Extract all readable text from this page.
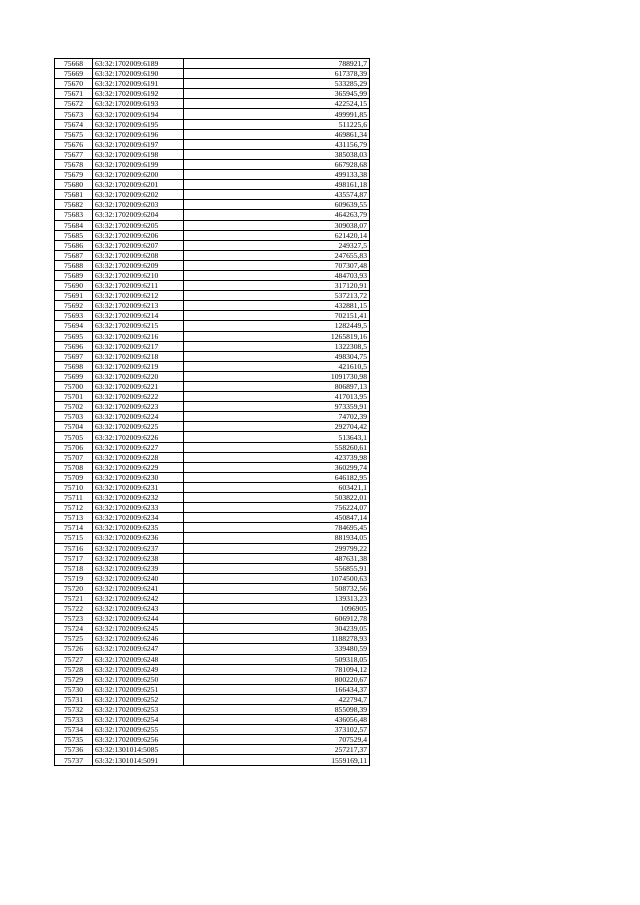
75668	63:32:1702009:6189	788921,7
75669	63:32:1702009:6190	617378,39
75670	63:32:1702009:6191	533285,29
75671	63:32:1702009:6192	365945,99
75672	63:32:1702009:6193	422524,15
75673	63:32:1702009:6194	499991,85
75674	63:32:1702009:6195	511225,6
75675	63:32:1702009:6196	469861,34
75676	63:32:1702009:6197	431156,79
75677	63:32:1702009:6198	385038,03
75678	63:32:1702009:6199	667928,68
75679	63:32:1702009:6200	499133,38
75680	63:32:1702009:6201	498161,18
75681	63:32:1702009:6202	435574,87
75682	63:32:1702009:6203	609639,55
75683	63:32:1702009:6204	464263,79
75684	63:32:1702009:6205	309038,07
75685	63:32:1702009:6206	621420,14
75686	63:32:1702009:6207	249327,5
75687	63:32:1702009:6208	247655,83
75688	63:32:1702009:6209	707307,48
75689	63:32:1702009:6210	484703,93
75690	63:32:1702009:6211	317120,91
75691	63:32:1702009:6212	537213,72
75692	63:32:1702009:6213	432881,15
75693	63:32:1702009:6214	702151,41
75694	63:32:1702009:6215	1282449,5
75695	63:32:1702009:6216	1265819,16
75696	63:32:1702009:6217	1322308,5
75697	63:32:1702009:6218	498304,75
75698	63:32:1702009:6219	421610,5
75699	63:32:1702009:6220	1091730,98
75700	63:32:1702009:6221	806897,13
75701	63:32:1702009:6222	417013,95
75702	63:32:1702009:6223	973359,91
75703	63:32:1702009:6224	74702,39
75704	63:32:1702009:6225	292704,42
75705	63:32:1702009:6226	513643,1
75706	63:32:1702009:6227	558260,61
75707	63:32:1702009:6228	423739,98
75708	63:32:1702009:6229	360299,74
75709	63:32:1702009:6230	646182,95
75710	63:32:1702009:6231	603421,1
75711	63:32:1702009:6232	503822,01
75712	63:32:1702009:6233	756224,07
75713	63:32:1702009:6234	450847,14
75714	63:32:1702009:6235	784695,45
75715	63:32:1702009:6236	881934,05
75716	63:32:1702009:6237	299799,22
75717	63:32:1702009:6238	487631,38
75718	63:32:1702009:6239	556855,91
75719	63:32:1702009:6240	1074500,63
75720	63:32:1702009:6241	508732,56
75721	63:32:1702009:6242	139313,23
75722	63:32:1702009:6243	1096905
75723	63:32:1702009:6244	606912,78
75724	63:32:1702009:6245	304239,05
75725	63:32:1702009:6246	1188278,93
75726	63:32:1702009:6247	339480,59
75727	63:32:1702009:6248	509318,05
75728	63:32:1702009:6249	781094,12
75729	63:32:1702009:6250	800220,67
75730	63:32:1702009:6251	166434,37
75731	63:32:1702009:6252	422794,7
75732	63:32:1702009:6253	855098,39
75733	63:32:1702009:6254	436056,48
75734	63:32:1702009:6255	373102,57
75735	63:32:1702009:6256	707529,4
75736	63:32:1301014:5085	257217,37
75737	63:32:1301014:5091	1559169,11
